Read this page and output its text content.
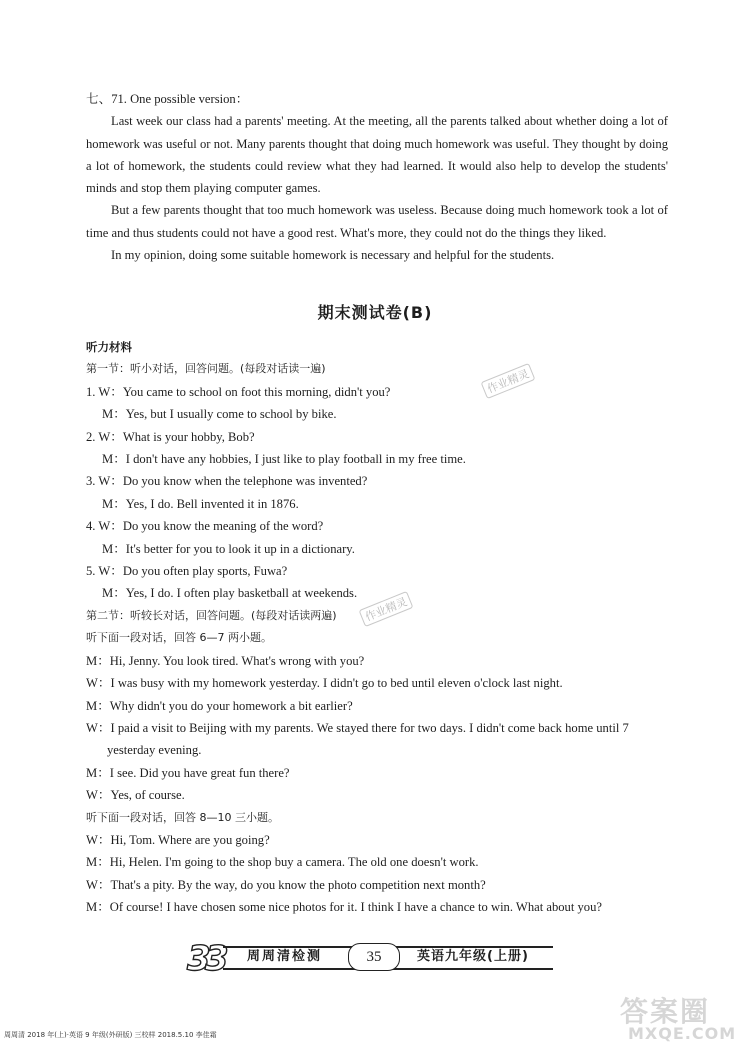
七、71. One possible version：

Last week our class had a parents' meeting. At the meeting, all the parents talked about whether doing a lot of homework was useful or not. Many parents thought that doing much homework was useful. They thought by doing a lot of homework, the students could review what they had learned. It would also help to develop the students' minds and stop them playing computer games.

But a few parents thought that too much homework was useless. Because doing much homework took a lot of time and thus students could not have a good rest. What's more, they could not do the things they liked.

In my opinion, doing some suitable homework is necessary and helpful for the students.

期末测试卷(B)
听力材料
第一节：听小对话，回答问题。(每段对话读一遍)
1. W：You came to school on foot this morning, didn't you?
M：Yes, but I usually come to school by bike.
2. W：What is your hobby, Bob?
M：I don't have any hobbies, I just like to play football in my free time.
3. W：Do you know when the telephone was invented?
M：Yes, I do. Bell invented it in 1876.
4. W：Do you know the meaning of the word?
M：It's better for you to look it up in a dictionary.
5. W：Do you often play sports, Fuwa?
M：Yes, I do. I often play basketball at weekends.
第二节：听较长对话，回答问题。(每段对话读两遍)
听下面一段对话，回答 6—7 两小题。
M：Hi, Jenny. You look tired. What's wrong with you?
W：I was busy with my homework yesterday. I didn't go to bed until eleven o'clock last night.
M：Why didn't you do your homework a bit earlier?
W：I paid a visit to Beijing with my parents. We stayed there for two days. I didn't come back home until 7
yesterday evening.
M：I see. Did you have great fun there?
W：Yes, of course.
听下面一段对话，回答 8—10 三小题。
W：Hi, Tom. Where are you going?
M：Hi, Helen. I'm going to the shop buy a camera. The old one doesn't work.
W：That's a pity. By the way, do you know the photo competition next month?
M：Of course! I have chosen some nice photos for it. I think I have a chance to win. What about you?
作业精灵
作业精灵
3
3 周周清检测	35	英语九年级(上册)
周周清 2018 年(上)·英语 9 年级(外研版) 三校样 2018.5.10 李佳霜
答案圈
MXQE.COM
